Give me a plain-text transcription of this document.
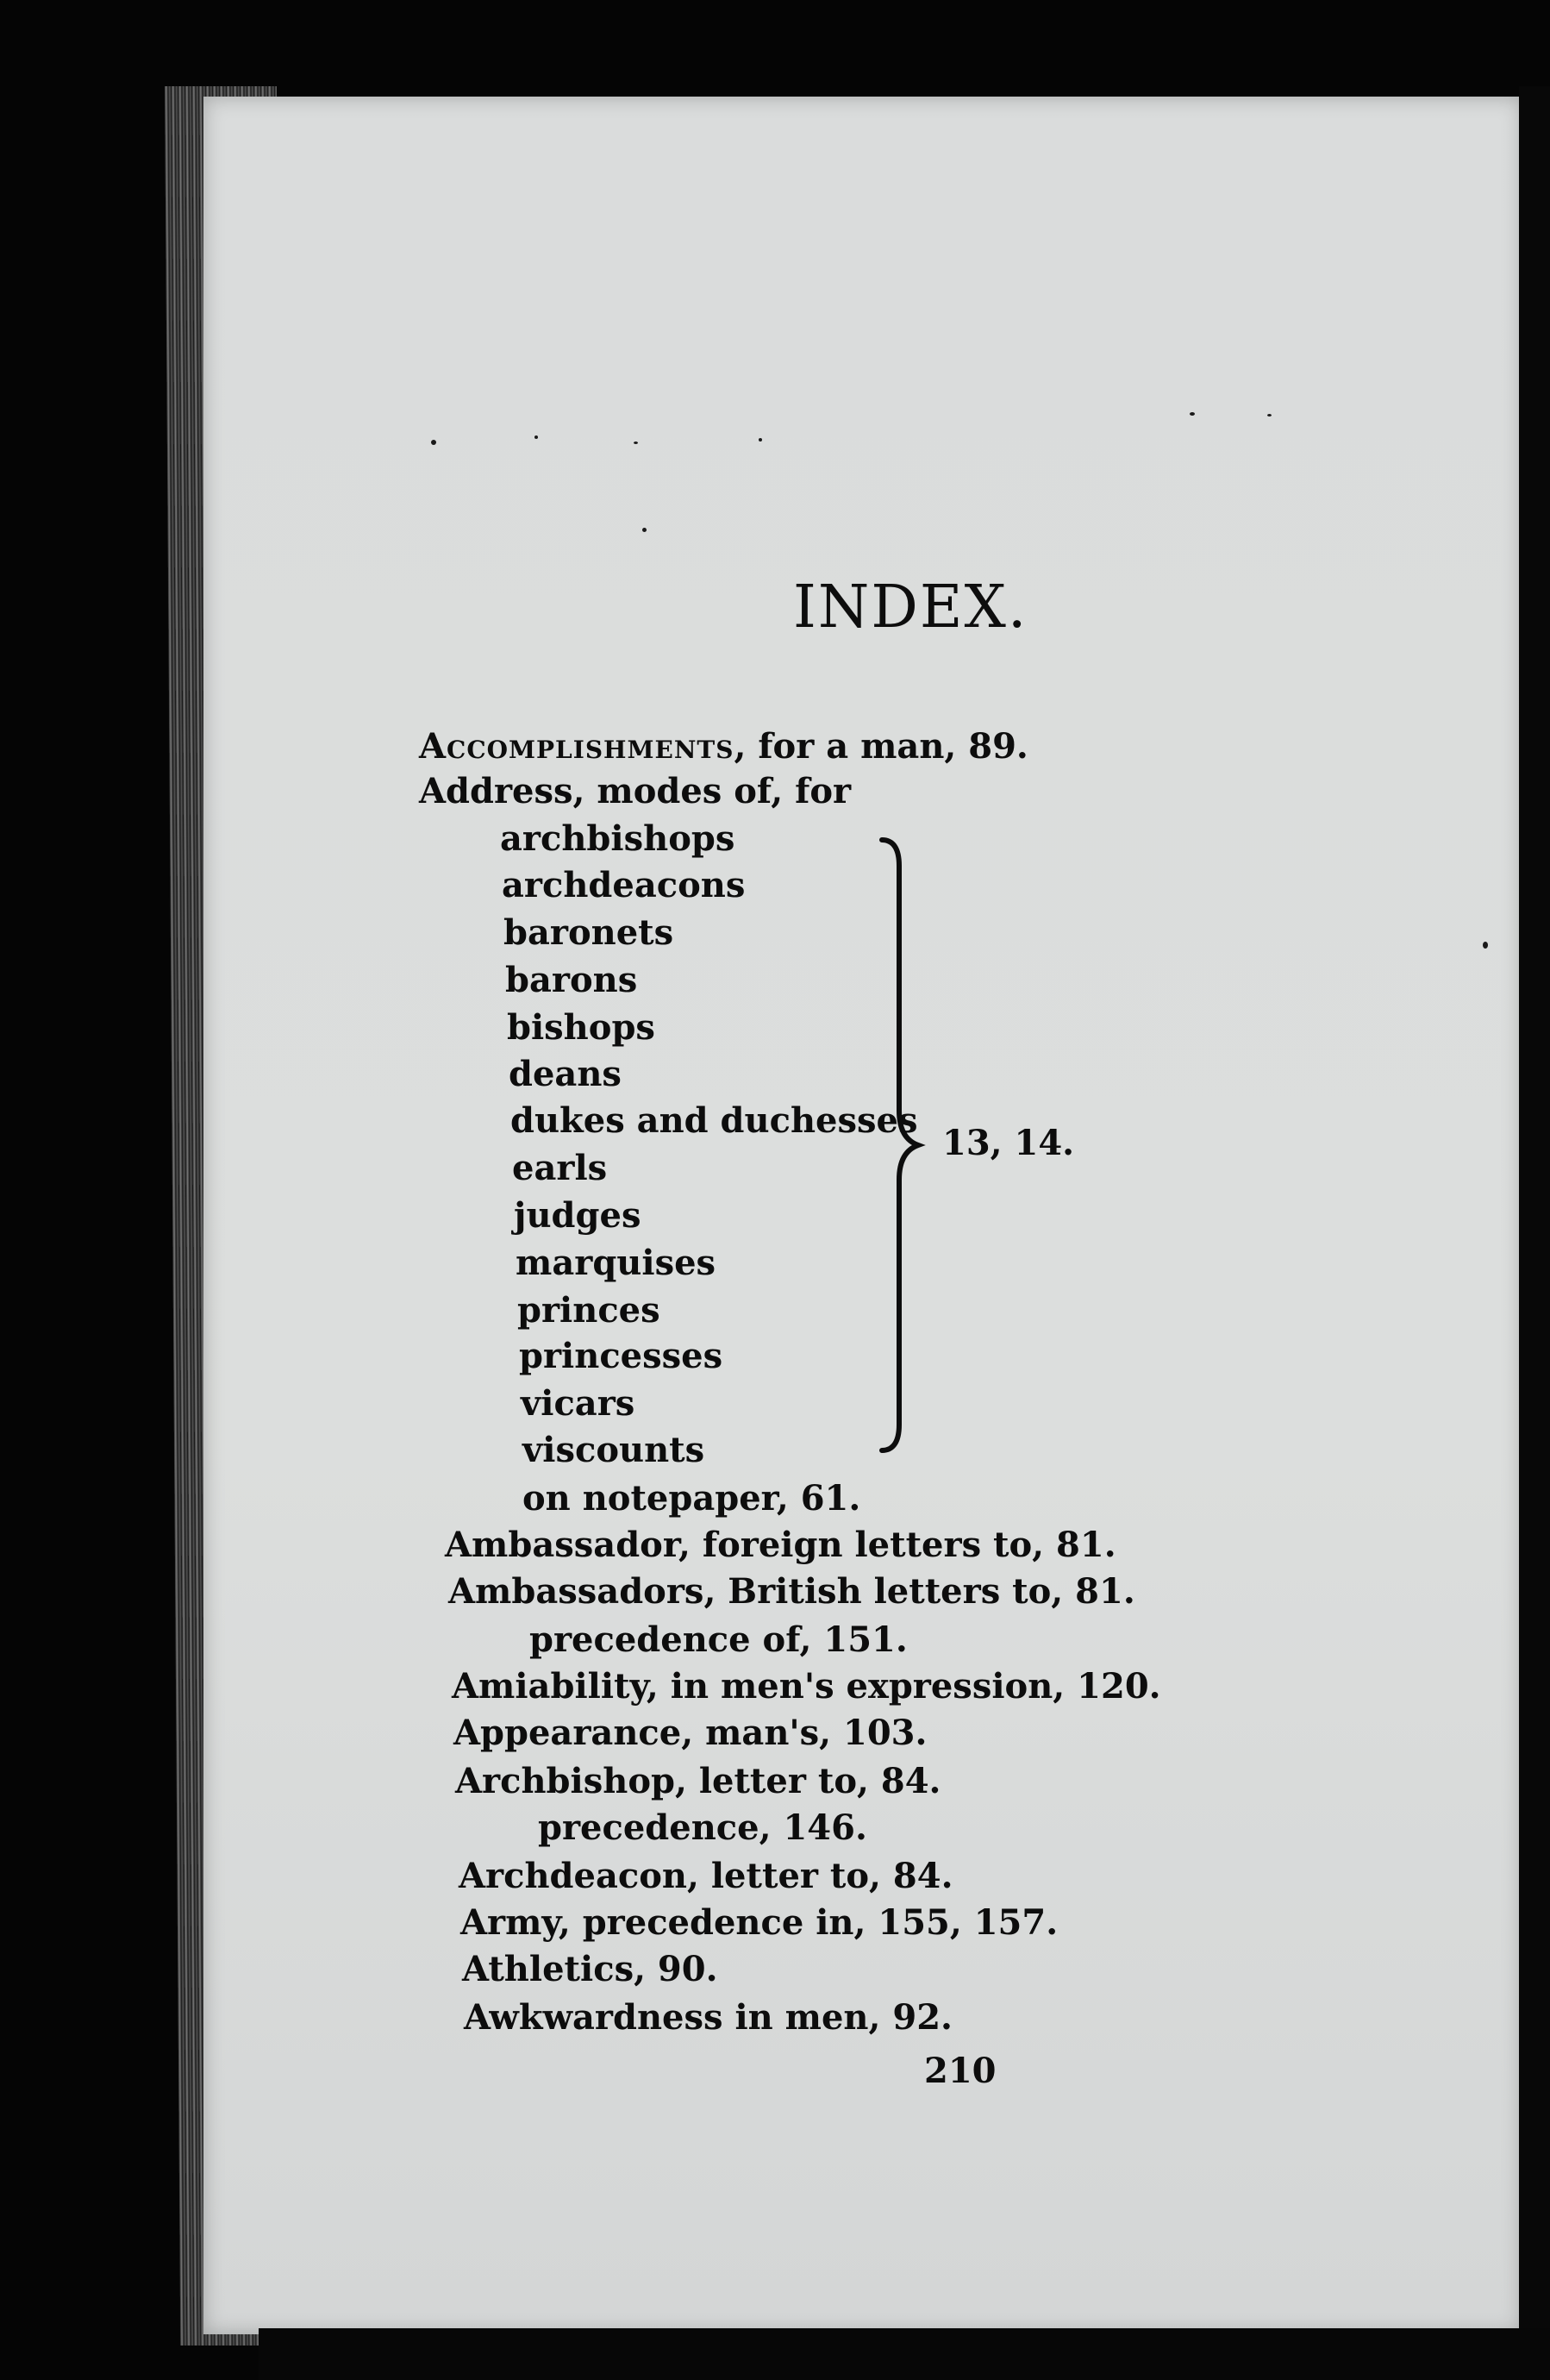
INDEX.
Accomplishments, for a man, 89.
Address, modes of, for
archbishops
archdeacons
baronets
barons
bishops
deans
dukes and duchesses
earls
judges
marquises
princes
princesses
vicars
viscounts
on notepaper, 61.
Ambassador, foreign letters to, 81.
Ambassadors, British letters to, 81.
precedence of, 151.
Amiability, in men's expression, 120.
Appearance, man's, 103.
Archbishop, letter to, 84.
precedence, 146.
Archdeacon, letter to, 84.
Army, precedence in, 155, 157.
Athletics, 90.
Awkwardness in men, 92.
13, 14.
210
